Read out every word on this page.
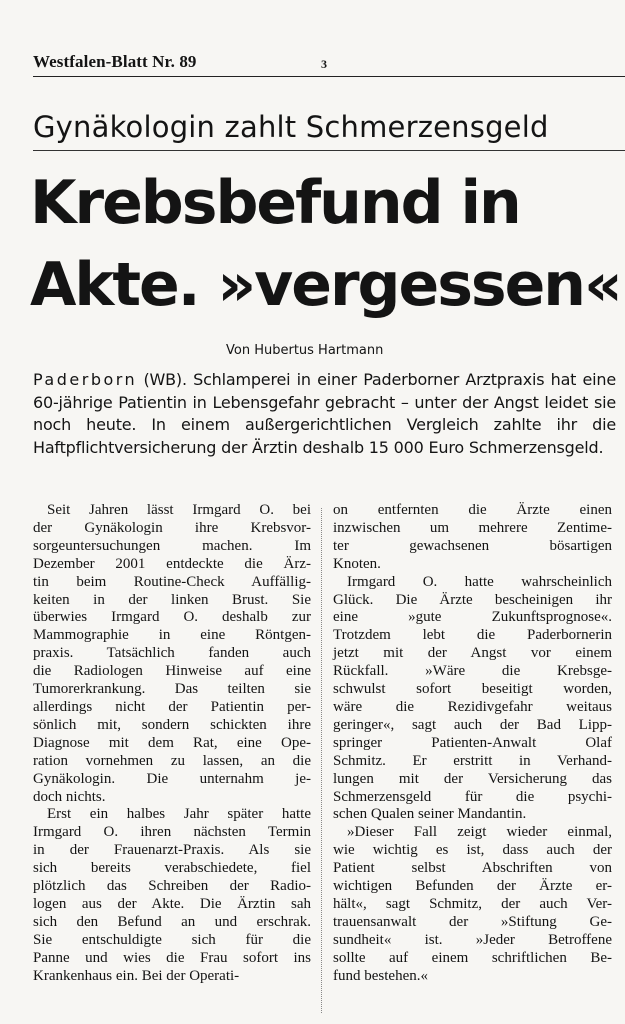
Westfalen-Blatt Nr. 89	3
Gynäkologin zahlt Schmerzensgeld
Krebsbefund in
Akte. »vergessen«
Von Hubertus Hartmann
Paderborn (WB). Schlamperei in einer Paderborner Arztpraxis hat eine 60-jährige Patientin in Lebensgefahr gebracht – unter der Angst leidet sie noch heute. In einem außergerichtlichen Vergleich zahlte ihr die Haftpflichtversicherung der Ärztin deshalb 15 000 Euro Schmerzensgeld.
Seit Jahren lässt Irmgard O. bei
der Gynäkologin ihre Krebsvor-
sorgeuntersuchungen machen. Im
Dezember 2001 entdeckte die Ärz-
tin beim Routine-Check Auffällig-
keiten in der linken Brust. Sie
überwies Irmgard O. deshalb zur
Mammographie in eine Röntgen-
praxis. Tatsächlich fanden auch
die Radiologen Hinweise auf eine
Tumorerkrankung. Das teilten sie
allerdings nicht der Patientin per-
sönlich mit, sondern schickten ihre
Diagnose mit dem Rat, eine Ope-
ration vornehmen zu lassen, an die
Gynäkologin. Die unternahm je-
doch nichts.
Erst ein halbes Jahr später hatte
Irmgard O. ihren nächsten Termin
in der Frauenarzt-Praxis. Als sie
sich bereits verabschiedete, fiel
plötzlich das Schreiben der Radio-
logen aus der Akte. Die Ärztin sah
sich den Befund an und erschrak.
Sie entschuldigte sich für die
Panne und wies die Frau sofort ins
Krankenhaus ein. Bei der Operati-
on entfernten die Ärzte einen
inzwischen um mehrere Zentime-
ter gewachsenen bösartigen
Knoten.
Irmgard O. hatte wahrscheinlich
Glück. Die Ärzte bescheinigen ihr
eine »gute Zukunftsprognose«.
Trotzdem lebt die Paderbornerin
jetzt mit der Angst vor einem
Rückfall. »Wäre die Krebsge-
schwulst sofort beseitigt worden,
wäre die Rezidivgefahr weitaus
geringer«, sagt auch der Bad Lipp-
springer Patienten-Anwalt Olaf
Schmitz. Er erstritt in Verhand-
lungen mit der Versicherung das
Schmerzensgeld für die psychi-
schen Qualen seiner Mandantin.
»Dieser Fall zeigt wieder einmal,
wie wichtig es ist, dass auch der
Patient selbst Abschriften von
wichtigen Befunden der Ärzte er-
hält«, sagt Schmitz, der auch Ver-
trauensanwalt der »Stiftung Ge-
sundheit« ist. »Jeder Betroffene
sollte auf einem schriftlichen Be-
fund bestehen.«
